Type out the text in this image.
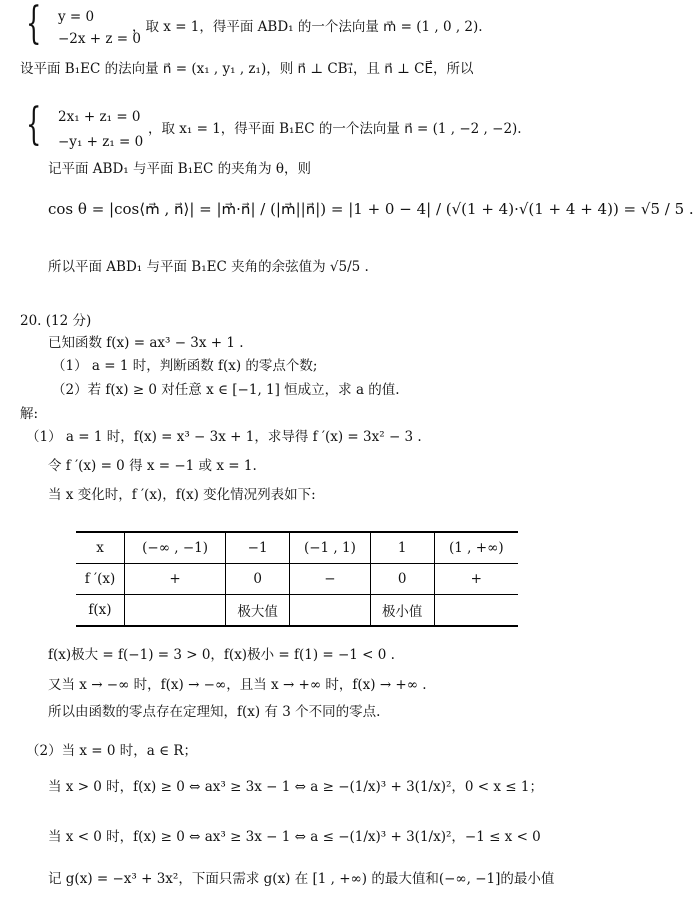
{ y = 0
−2x + z = 0
，取 x = 1，得平面 ABD₁ 的一个法向量 m⃗ = (1 , 0 , 2).
设平面 B₁EC 的法向量 n⃗ = (x₁ , y₁ , z₁)，则 n⃗ ⊥ CB₁⃗，且 n⃗ ⊥ CE⃗，所以
{ 2x₁ + z₁ = 0
−y₁ + z₁ = 0
，取 x₁ = 1，得平面 B₁EC 的一个法向量 n⃗ = (1 , −2 , −2).
记平面 ABD₁ 与平面 B₁EC 的夹角为 θ，则
cos θ = |cos⟨m⃗ , n⃗⟩| = |m⃗·n⃗| / (|m⃗||n⃗|) = |1 + 0 − 4| / (√(1 + 4)·√(1 + 4 + 4)) = √5 / 5 .
所以平面 ABD₁ 与平面 B₁EC 夹角的余弦值为 √5/5 .
20. (12 分)
已知函数 f(x) = ax³ − 3x + 1 .
（1） a = 1 时，判断函数 f(x) 的零点个数;
（2）若 f(x) ≥ 0 对任意 x ∈ [−1, 1] 恒成立，求 a 的值.
解:
（1） a = 1 时，f(x) = x³ − 3x + 1，求导得 f ′(x) = 3x² − 3 .
令 f ′(x) = 0 得 x = −1 或 x = 1.
当 x 变化时，f ′(x)，f(x) 变化情况列表如下:
x	(−∞ , −1)	−1	(−1 , 1)	1	(1 , +∞)
f ′(x)	+	0	−	0	+
f(x)		极大值		极小值	
f(x)极大 = f(−1) = 3 > 0，f(x)极小 = f(1) = −1 < 0 .
又当 x → −∞ 时，f(x) → −∞，且当 x → +∞ 时，f(x) → +∞ .
所以由函数的零点存在定理知，f(x) 有 3 个不同的零点.
（2）当 x = 0 时，a ∈ R；
当 x > 0 时，f(x) ≥ 0 ⇔ ax³ ≥ 3x − 1 ⇔ a ≥ −(1/x)³ + 3(1/x)²，0 < x ≤ 1；
当 x < 0 时，f(x) ≥ 0 ⇔ ax³ ≥ 3x − 1 ⇔ a ≤ −(1/x)³ + 3(1/x)²，−1 ≤ x < 0
记 g(x) = −x³ + 3x²，下面只需求 g(x) 在 [1 , +∞) 的最大值和(−∞, −1]的最小值
